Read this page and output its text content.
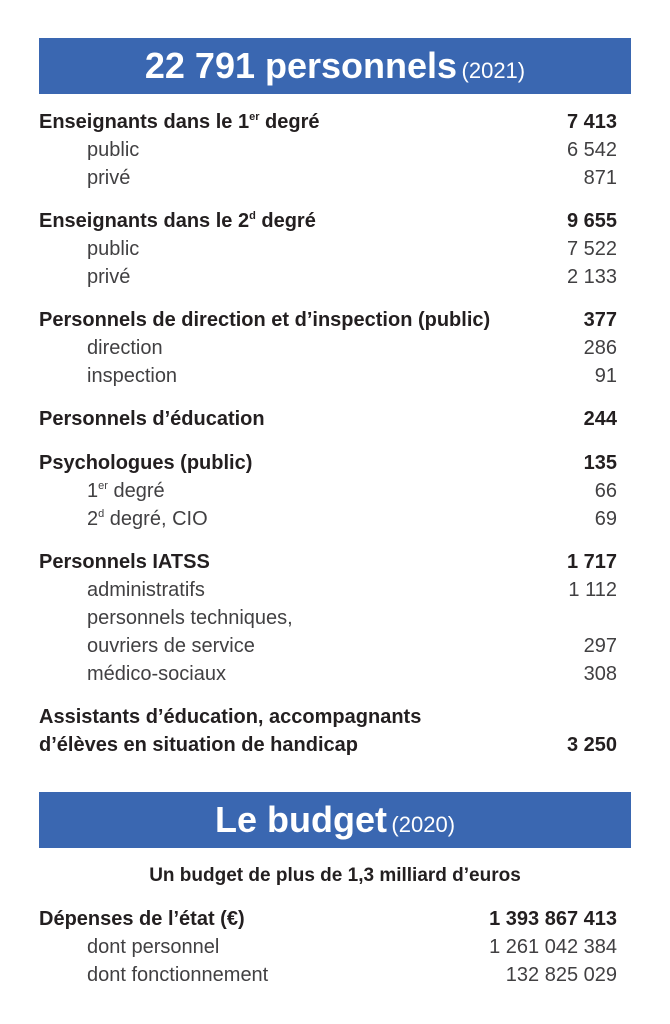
22 791 personnels (2021)
Enseignants dans le 1er degré	7 413
public	6 542
privé	871
Enseignants dans le 2$^d$ degré	9 655
public	7 522
privé	2 133
Personnels de direction et d’inspection (public)	377
direction	286
inspection	91
Personnels d’éducation	244
Psychologues (public)	135
1er degré	66
2$^d$ degré, CIO	69
Personnels IATSS	1 717
administratifs	1 112
personnels techniques,
ouvriers de service	297
médico-sociaux	308
Assistants d’éducation, accompagnants
d’élèves en situation de handicap	3 250
Le budget (2020)
Un budget de plus de 1,3 milliard d’euros
Dépenses de l’état (€)	1 393 867 413
dont personnel	1 261 042 384
dont fonctionnement	132 825 029
